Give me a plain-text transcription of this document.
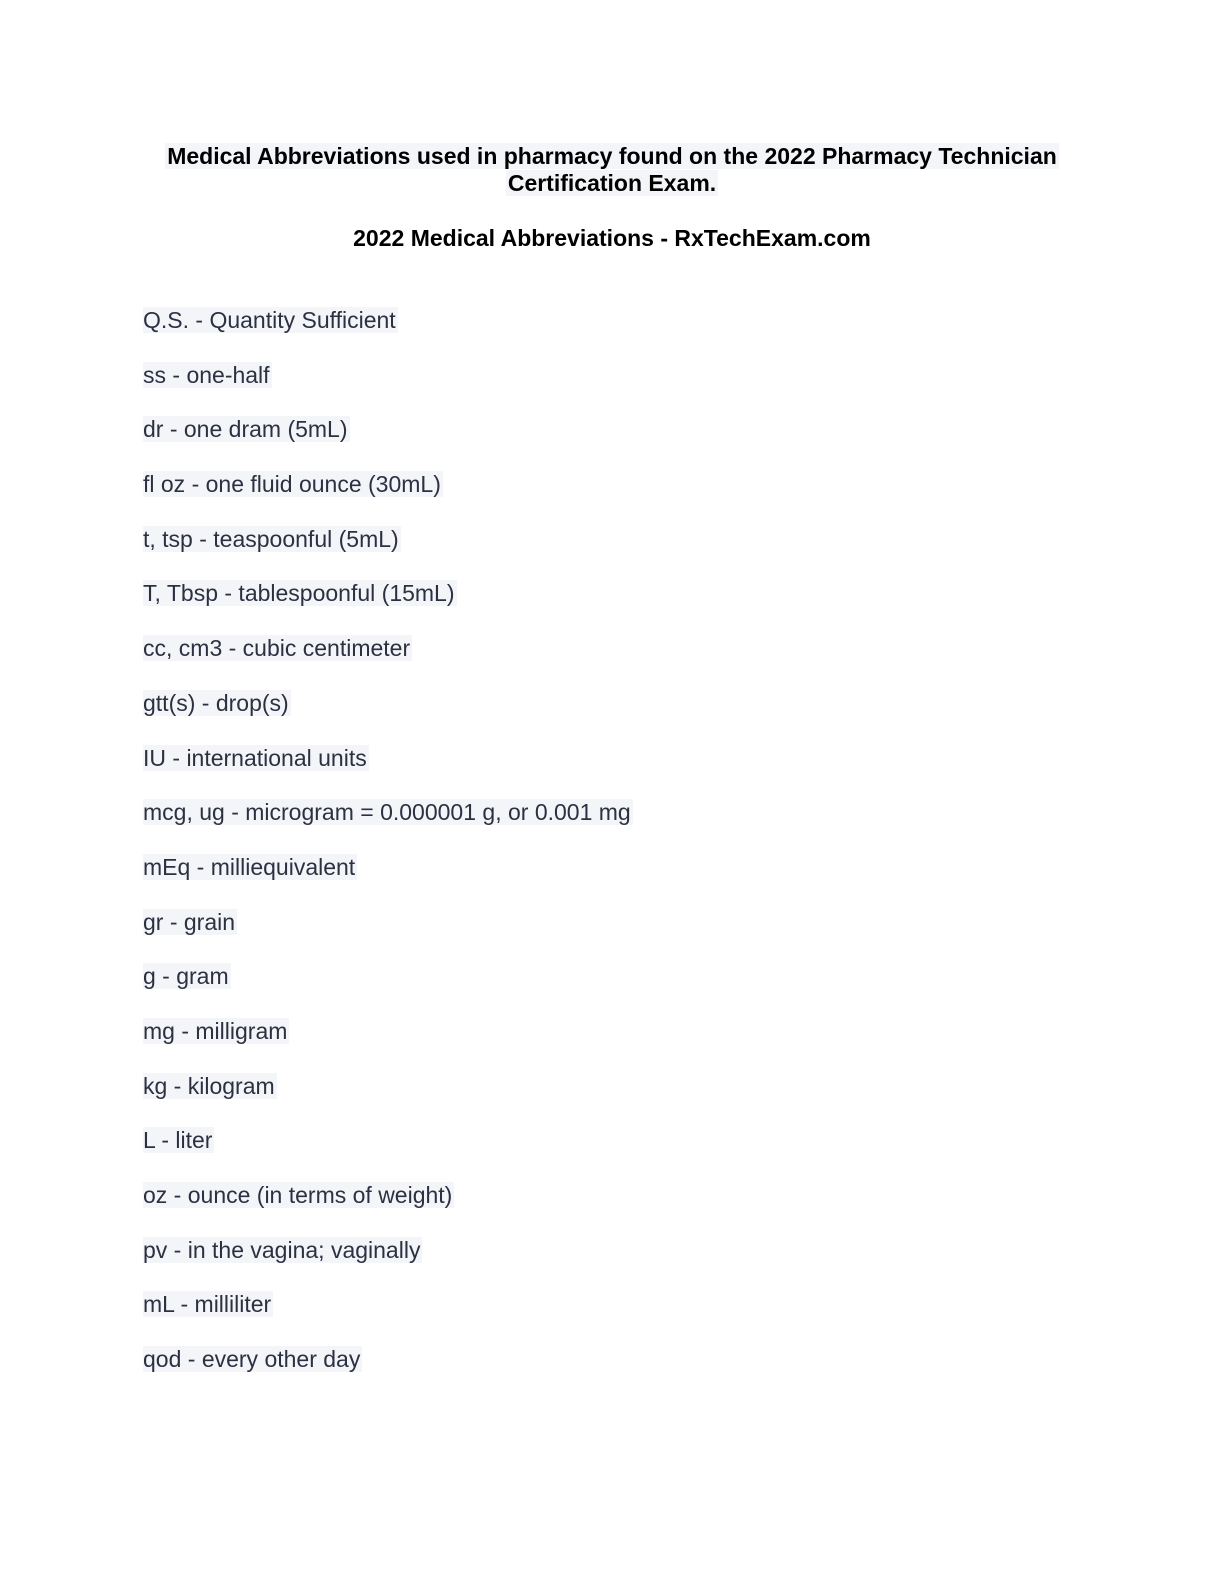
Medical Abbreviations used in pharmacy found on the 2022 Pharmacy Technician
Certification Exam.
2022 Medical Abbreviations - RxTechExam.com
Q.S. - Quantity Sufficient
ss - one-half
dr - one dram (5mL)
fl oz - one fluid ounce (30mL)
t, tsp - teaspoonful (5mL)
T, Tbsp - tablespoonful (15mL)
cc, cm3 - cubic centimeter
gtt(s) - drop(s)
IU - international units
mcg, ug - microgram = 0.000001 g, or 0.001 mg
mEq - milliequivalent
gr - grain
g - gram
mg - milligram
kg - kilogram
L - liter
oz - ounce (in terms of weight)
pv - in the vagina; vaginally
mL - milliliter
qod - every other day
